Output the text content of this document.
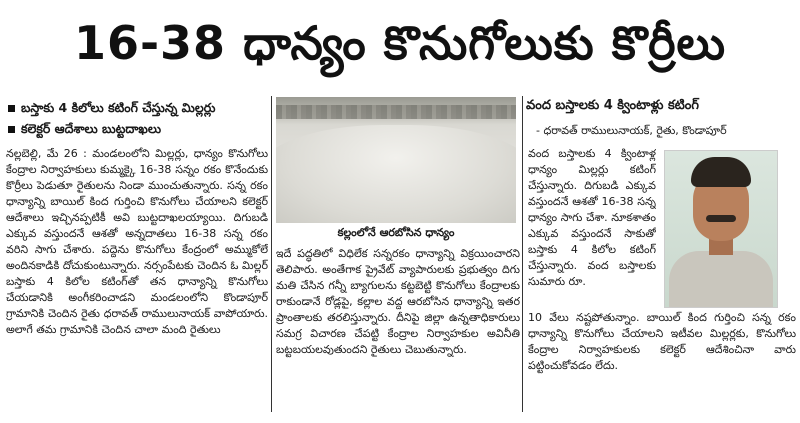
16-38 ధాన్యం కొనుగోలుకు కొర్రీలు
బస్తాకు 4 కిలోలు కటింగ్ చేస్తున్న మిల్లర్లు
కలెక్టర్ ఆదేశాలు బుట్టదాఖలు

నల్లబెల్లి, మే 26 : మండలంలోని మిల్లర్లు, ధాన్యం కొనుగోలు కేంద్రాల నిర్వాహకులు కుమ్మక్కై 16-38 సన్నం రకం కొనేందుకు కొర్రీలు పెడుతూ రైతులను నిండా ముంచుతున్నారు. సన్న రకం ధాన్యాన్ని బాయిల్ కింద గుర్తించి కొనుగోలు చేయాలని కలెక్టర్ ఆదేశాలు ఇచ్చినప్పటికీ అవి బుట్టదాఖలయ్యాయి. దిగుబడి ఎక్కువ వస్తుందనే ఆశతో అన్నదాతలు 16-38 సన్న రకం వరిని సాగు చేశారు. పద్దెను కొనుగోలు కేంద్రంలో అమ్ముకోలే అందినకాడికి దోచుకుంటున్నారు. నర్సంపేటకు చెందిన ఓ మిల్లర్ బస్తాకు 4 కిలోల కటింగ్‌తో తన ధాన్యాన్ని కొనుగోలు చేయడానికి అంగీకరించాడని మండలంలోని కొండాపూర్ గ్రామానికి చెందిన రైతు ధరావత్ రాములునాయక్ వాపోయారు. అలాగే తమ గ్రామానికి చెందిన చాలా మంది రైతులు

కల్లంలోనే ఆరబోసిన ధాన్యం

ఇదే పద్ధతిలో విధిలేక సన్నరకం ధాన్యాన్ని విక్రయించారని తెలిపారు. అంతేగాక ప్రైవేట్ వ్యాపారులకు ప్రభుత్వం దిగు మతి చేసిన గన్నీ బ్యాగులను కట్టబెట్టి కొనుగోలు కేంద్రాలకు రాకుండానే రోడ్లపై, కల్లాల వద్ద ఆరబోసిన ధాన్యాన్ని ఇతర ప్రాంతాలకు తరలిస్తున్నారు. దీనిపై జిల్లా ఉన్నతాధికారులు సమగ్ర విచారణ చేపట్టి కేంద్రాల నిర్వాహకుల అవినీతి బట్టబయలవుతుందని రైతులు చెబుతున్నారు.

వంద బస్తాలకు 4 క్వింటాళ్లు కటింగ్
- ధరావత్ రాములునాయక్, రైతు, కొండాపూర్

వంద బస్తాలకు 4 క్వింటాళ్ల ధాన్యం మిల్లర్లు కటింగ్ చేస్తున్నారు. దిగుబడి ఎక్కువ వస్తుందనే ఆశతో 16-38 సన్న ధాన్యం సాగు చేశా. నూకశాతం ఎక్కువ వస్తుందనే సాకుతో బస్తాకు 4 కిలోల కటింగ్ చేస్తున్నారు. వంద బస్తాలకు సుమారు రూ.

10 వేలు నష్టపోతున్నాం. బాయిల్ కింద గుర్తించి సన్న రకం ధాన్యాన్ని కొనుగోలు చేయాలని ఇటీవల మిల్లర్లకు, కొనుగోలు కేంద్రాల నిర్వాహకులకు కలెక్టర్ ఆదేశించినా వారు పట్టించుకోవడం లేదు.
